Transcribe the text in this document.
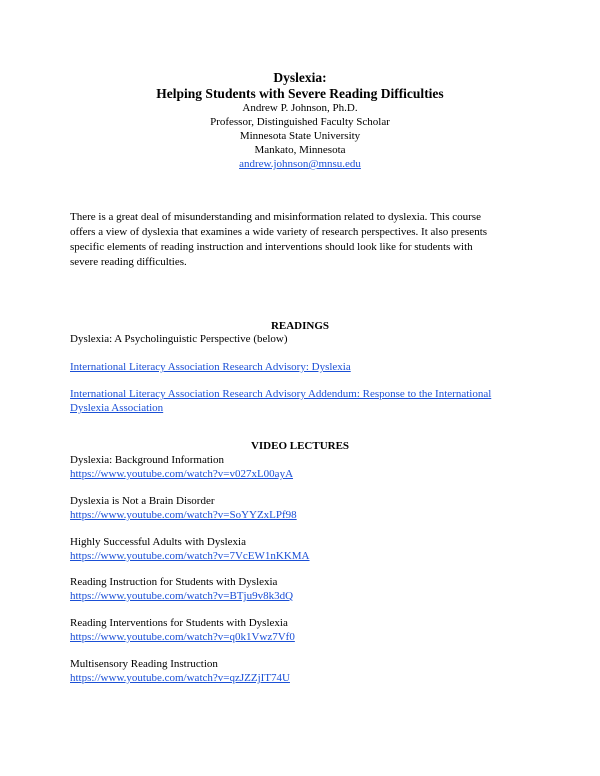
Dyslexia:
Helping Students with Severe Reading Difficulties
Andrew P. Johnson, Ph.D.
Professor, Distinguished Faculty Scholar
Minnesota State University
Mankato, Minnesota
andrew.johnson@mnsu.edu
There is a great deal of misunderstanding and misinformation related to dyslexia. This course
offers a view of dyslexia that examines a wide variety of research perspectives. It also presents
specific elements of reading instruction and interventions should look like for students with
severe reading difficulties.
READINGS
Dyslexia: A Psycholinguistic Perspective (below)
International Literacy Association Research Advisory: Dyslexia
International Literacy Association Research Advisory Addendum: Response to the International
Dyslexia Association
VIDEO LECTURES
Dyslexia: Background Information
https://www.youtube.com/watch?v=v027xL00ayA
Dyslexia is Not a Brain Disorder
https://www.youtube.com/watch?v=SoYYZxLPf98
Highly Successful Adults with Dyslexia
https://www.youtube.com/watch?v=7VcEW1nKKMA
Reading Instruction for Students with Dyslexia
https://www.youtube.com/watch?v=BTju9v8k3dQ
Reading Interventions for Students with Dyslexia
https://www.youtube.com/watch?v=q0k1Vwz7Vf0
Multisensory Reading Instruction
https://www.youtube.com/watch?v=qzJZZjIT74U
